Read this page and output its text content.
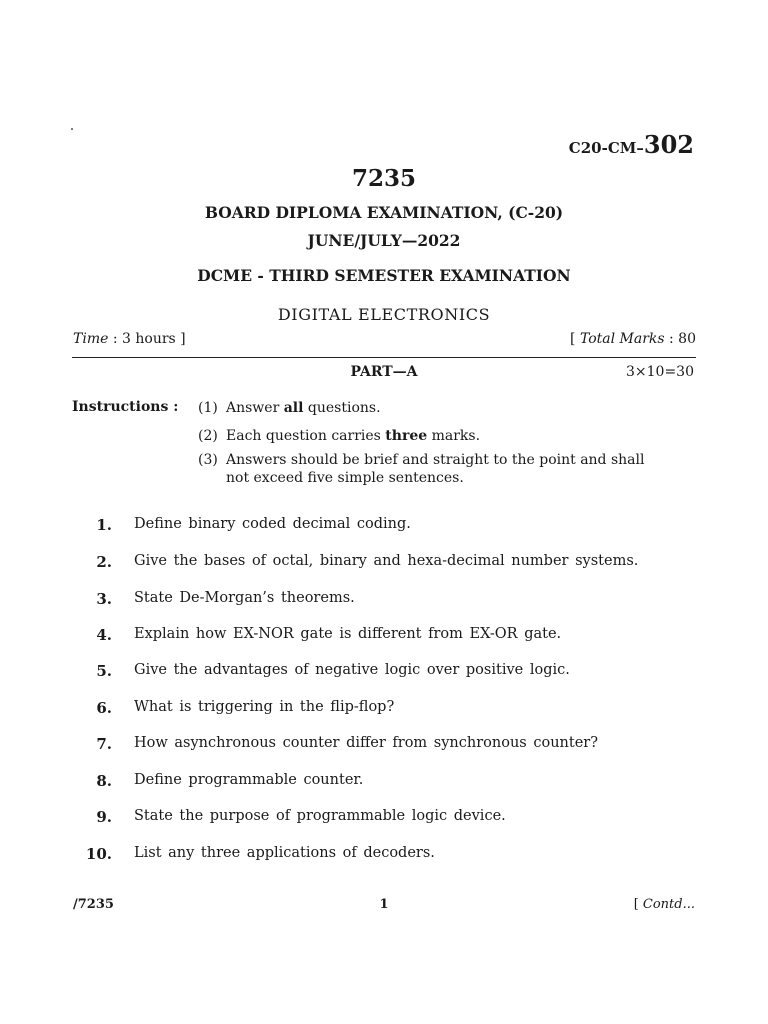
C20-CM–302
7235
BOARD DIPLOMA EXAMINATION, (C-20)
JUNE/JULY—2022
DCME - THIRD SEMESTER EXAMINATION
DIGITAL ELECTRONICS
Time : 3 hours ]	[ Total Marks : 80
PART—A	3×10=30
Instructions : (1) Answer all questions.
(2) Each question carries three marks.
(3) Answers should be brief and straight to the point and shall
not exceed five simple sentences.
1. Define binary coded decimal coding.
2. Give the bases of octal, binary and hexa-decimal number systems.
3. State De-Morgan’s theorems.
4. Explain how EX-NOR gate is different from EX-OR gate.
5. Give the advantages of negative logic over positive logic.
6. What is triggering in the flip-flop?
7. How asynchronous counter differ from synchronous counter?
8. Define programmable counter.
9. State the purpose of programmable logic device.
10. List any three applications of decoders.
/7235	1	[ Contd...
